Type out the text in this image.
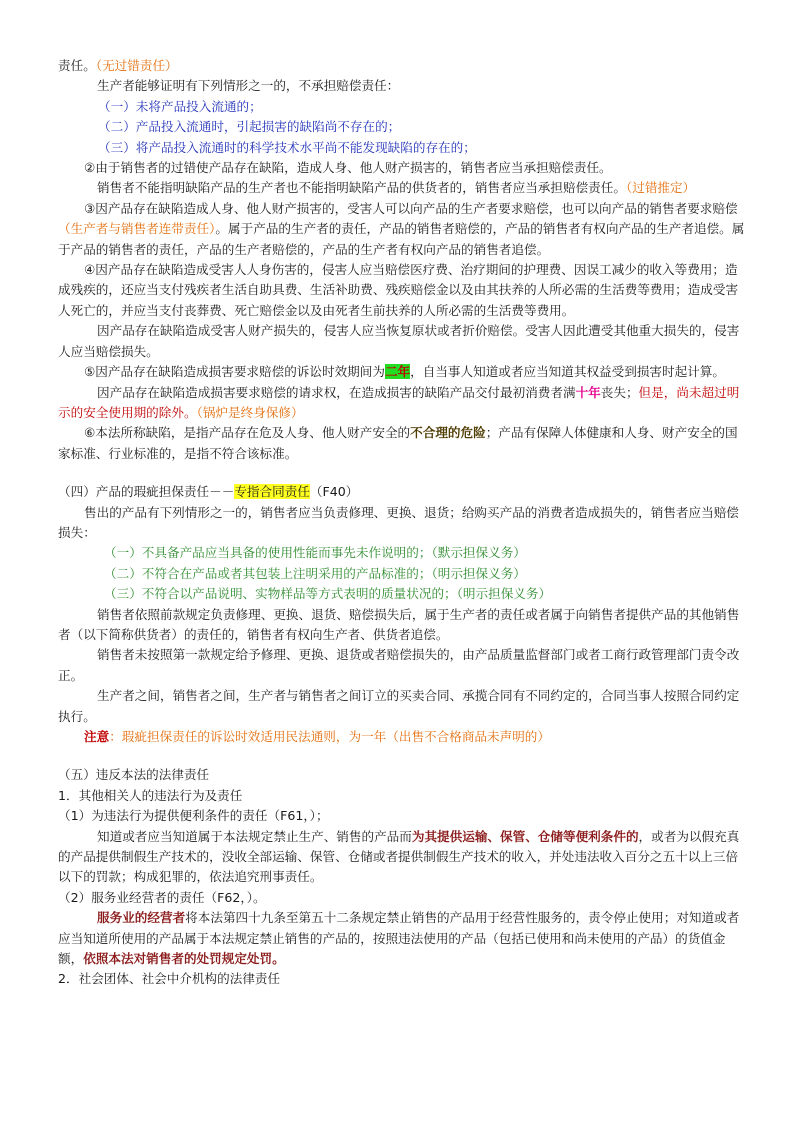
责任。（无过错责任）

生产者能够证明有下列情形之一的，不承担赔偿责任：

（一）未将产品投入流通的；

（二）产品投入流通时，引起损害的缺陷尚不存在的；

（三）将产品投入流通时的科学技术水平尚不能发现缺陷的存在的；

②由于销售者的过错使产品存在缺陷，造成人身、他人财产损害的，销售者应当承担赔偿责任。

销售者不能指明缺陷产品的生产者也不能指明缺陷产品的供货者的，销售者应当承担赔偿责任。（过错推定）

③因产品存在缺陷造成人身、他人财产损害的，受害人可以向产品的生产者要求赔偿，也可以向产品的销售者要求赔偿（生产者与销售者连带责任）。属于产品的生产者的责任，产品的销售者赔偿的，产品的销售者有权向产品的生产者追偿。属于产品的销售者的责任，产品的生产者赔偿的，产品的生产者有权向产品的销售者追偿。

④因产品存在缺陷造成受害人人身伤害的，侵害人应当赔偿医疗费、治疗期间的护理费、因误工减少的收入等费用；造成残疾的，还应当支付残疾者生活自助具费、生活补助费、残疾赔偿金以及由其扶养的人所必需的生活费等费用；造成受害人死亡的，并应当支付丧葬费、死亡赔偿金以及由死者生前扶养的人所必需的生活费等费用。

因产品存在缺陷造成受害人财产损失的，侵害人应当恢复原状或者折价赔偿。受害人因此遭受其他重大损失的，侵害人应当赔偿损失。

⑤因产品存在缺陷造成损害要求赔偿的诉讼时效期间为二年，自当事人知道或者应当知道其权益受到损害时起计算。

因产品存在缺陷造成损害要求赔偿的请求权，在造成损害的缺陷产品交付最初消费者满十年丧失；但是，尚未超过明示的安全使用期的除外。（锅炉是终身保修）

⑥本法所称缺陷，是指产品存在危及人身、他人财产安全的不合理的危险；产品有保障人体健康和人身、财产安全的国家标准、行业标准的，是指不符合该标准。

（四）产品的瑕疵担保责任－－专指合同责任（F40）

售出的产品有下列情形之一的，销售者应当负责修理、更换、退货；给购买产品的消费者造成损失的，销售者应当赔偿损失：

（一）不具备产品应当具备的使用性能而事先未作说明的；（默示担保义务）

（二）不符合在产品或者其包装上注明采用的产品标准的；（明示担保义务）

（三）不符合以产品说明、实物样品等方式表明的质量状况的；（明示担保义务）

销售者依照前款规定负责修理、更换、退货、赔偿损失后，属于生产者的责任或者属于向销售者提供产品的其他销售者（以下简称供货者）的责任的，销售者有权向生产者、供货者追偿。

销售者未按照第一款规定给予修理、更换、退货或者赔偿损失的，由产品质量监督部门或者工商行政管理部门责令改正。

生产者之间，销售者之间，生产者与销售者之间订立的买卖合同、承揽合同有不同约定的，合同当事人按照合同约定执行。

注意：瑕疵担保责任的诉讼时效适用民法通则，为一年（出售不合格商品未声明的）

（五）违反本法的法律责任

1．其他相关人的违法行为及责任

（1）为违法行为提供便利条件的责任（F61，）；

知道或者应当知道属于本法规定禁止生产、销售的产品而为其提供运输、保管、仓储等便利条件的，或者为以假充真的产品提供制假生产技术的，没收全部运输、保管、仓储或者提供制假生产技术的收入，并处违法收入百分之五十以上三倍以下的罚款；构成犯罪的，依法追究刑事责任。

（2）服务业经营者的责任（F62，）。

服务业的经营者将本法第四十九条至第五十二条规定禁止销售的产品用于经营性服务的，责令停止使用；对知道或者应当知道所使用的产品属于本法规定禁止销售的产品的，按照违法使用的产品（包括已使用和尚未使用的产品）的货值金额，依照本法对销售者的处罚规定处罚。

2．社会团体、社会中介机构的法律责任
